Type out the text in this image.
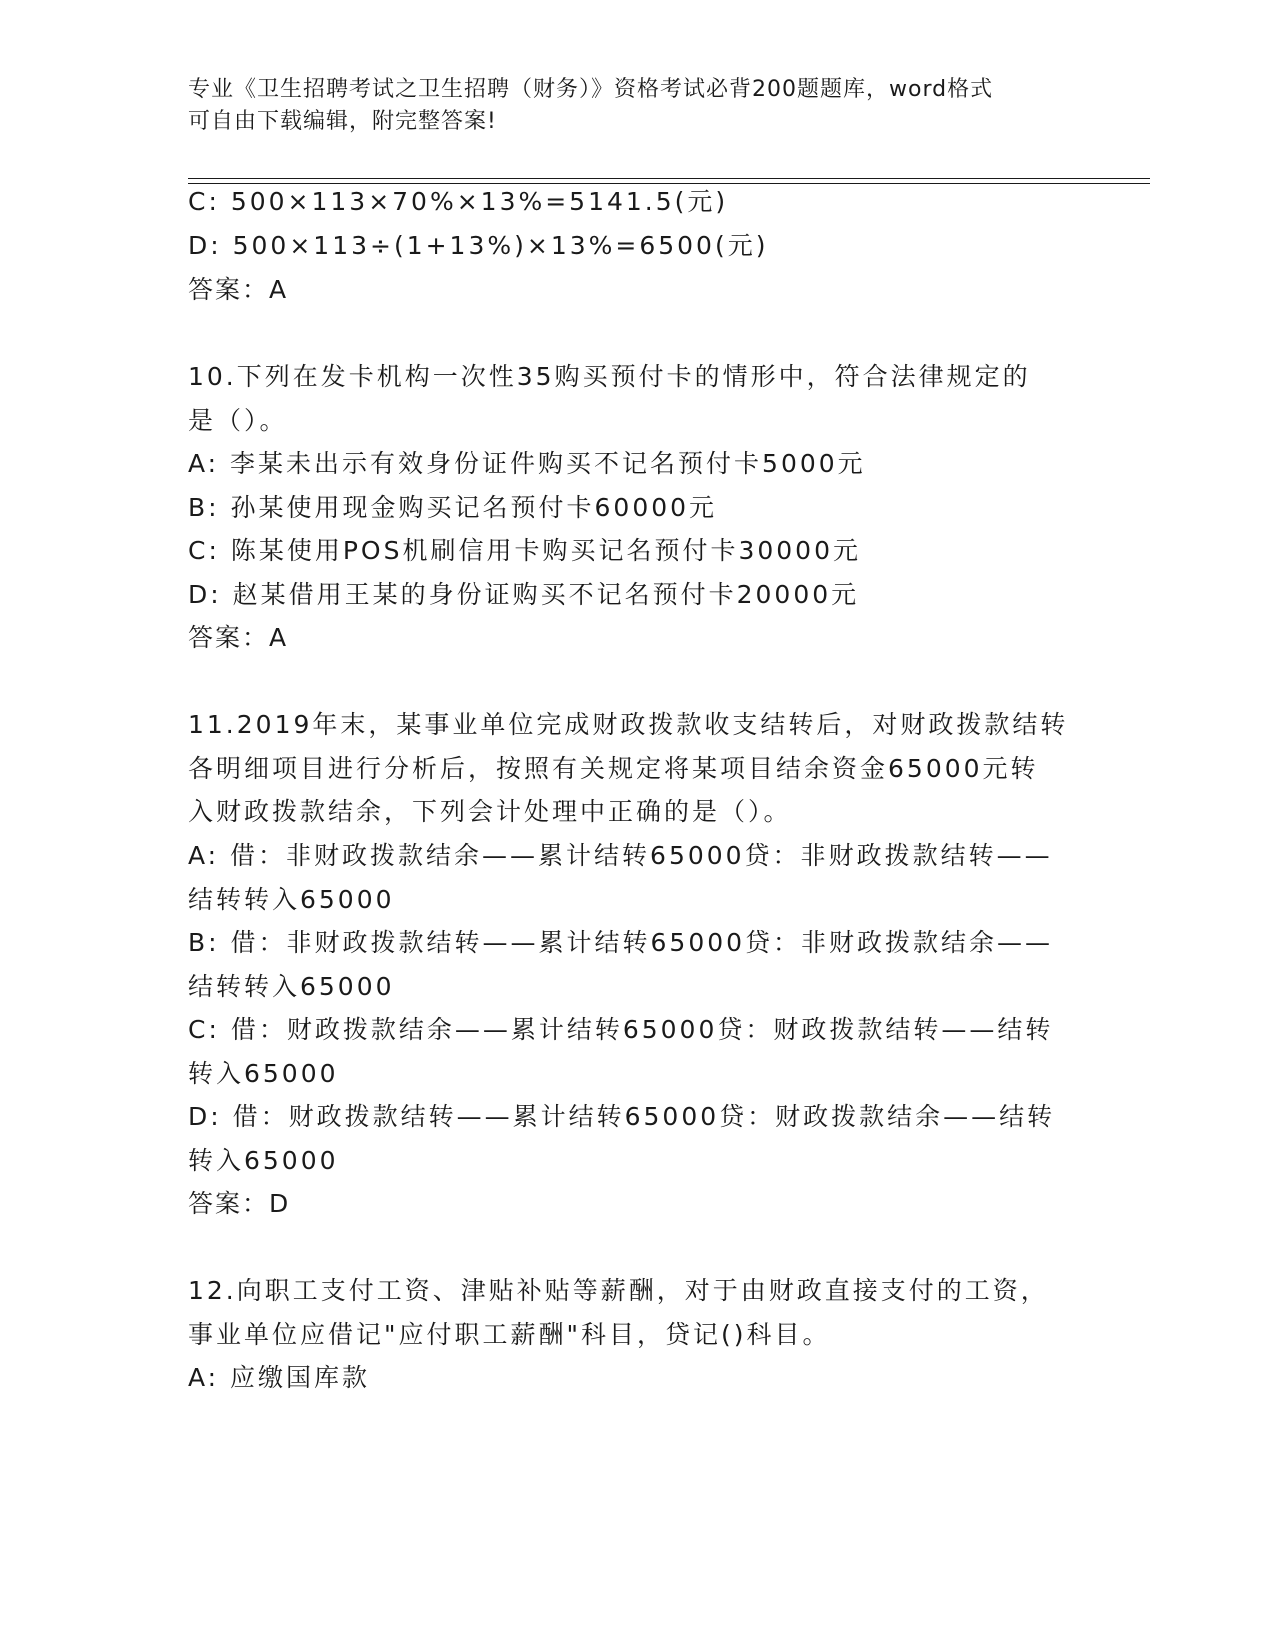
专业《卫生招聘考试之卫生招聘（财务）》资格考试必背200题题库，word格式
可自由下载编辑，附完整答案!
C: 500×113×70%×13%=5141.5(元)
D: 500×113÷(1+13%)×13%=6500(元)
答案：A
10.下列在发卡机构一次性35购买预付卡的情形中，符合法律规定的
是（）。
A: 李某未出示有效身份证件购买不记名预付卡5000元
B: 孙某使用现金购买记名预付卡60000元
C: 陈某使用POS机刷信用卡购买记名预付卡30000元
D: 赵某借用王某的身份证购买不记名预付卡20000元
答案：A
11.2019年末，某事业单位完成财政拨款收支结转后，对财政拨款结转
各明细项目进行分析后，按照有关规定将某项目结余资金65000元转
入财政拨款结余，下列会计处理中正确的是（）。
A: 借：非财政拨款结余——累计结转65000贷：非财政拨款结转——
结转转入65000
B: 借：非财政拨款结转——累计结转65000贷：非财政拨款结余——
结转转入65000
C: 借：财政拨款结余——累计结转65000贷：财政拨款结转——结转
转入65000
D: 借：财政拨款结转——累计结转65000贷：财政拨款结余——结转
转入65000
答案：D
12.向职工支付工资、津贴补贴等薪酬，对于由财政直接支付的工资，
事业单位应借记"应付职工薪酬"科目，贷记()科目。
A: 应缴国库款
